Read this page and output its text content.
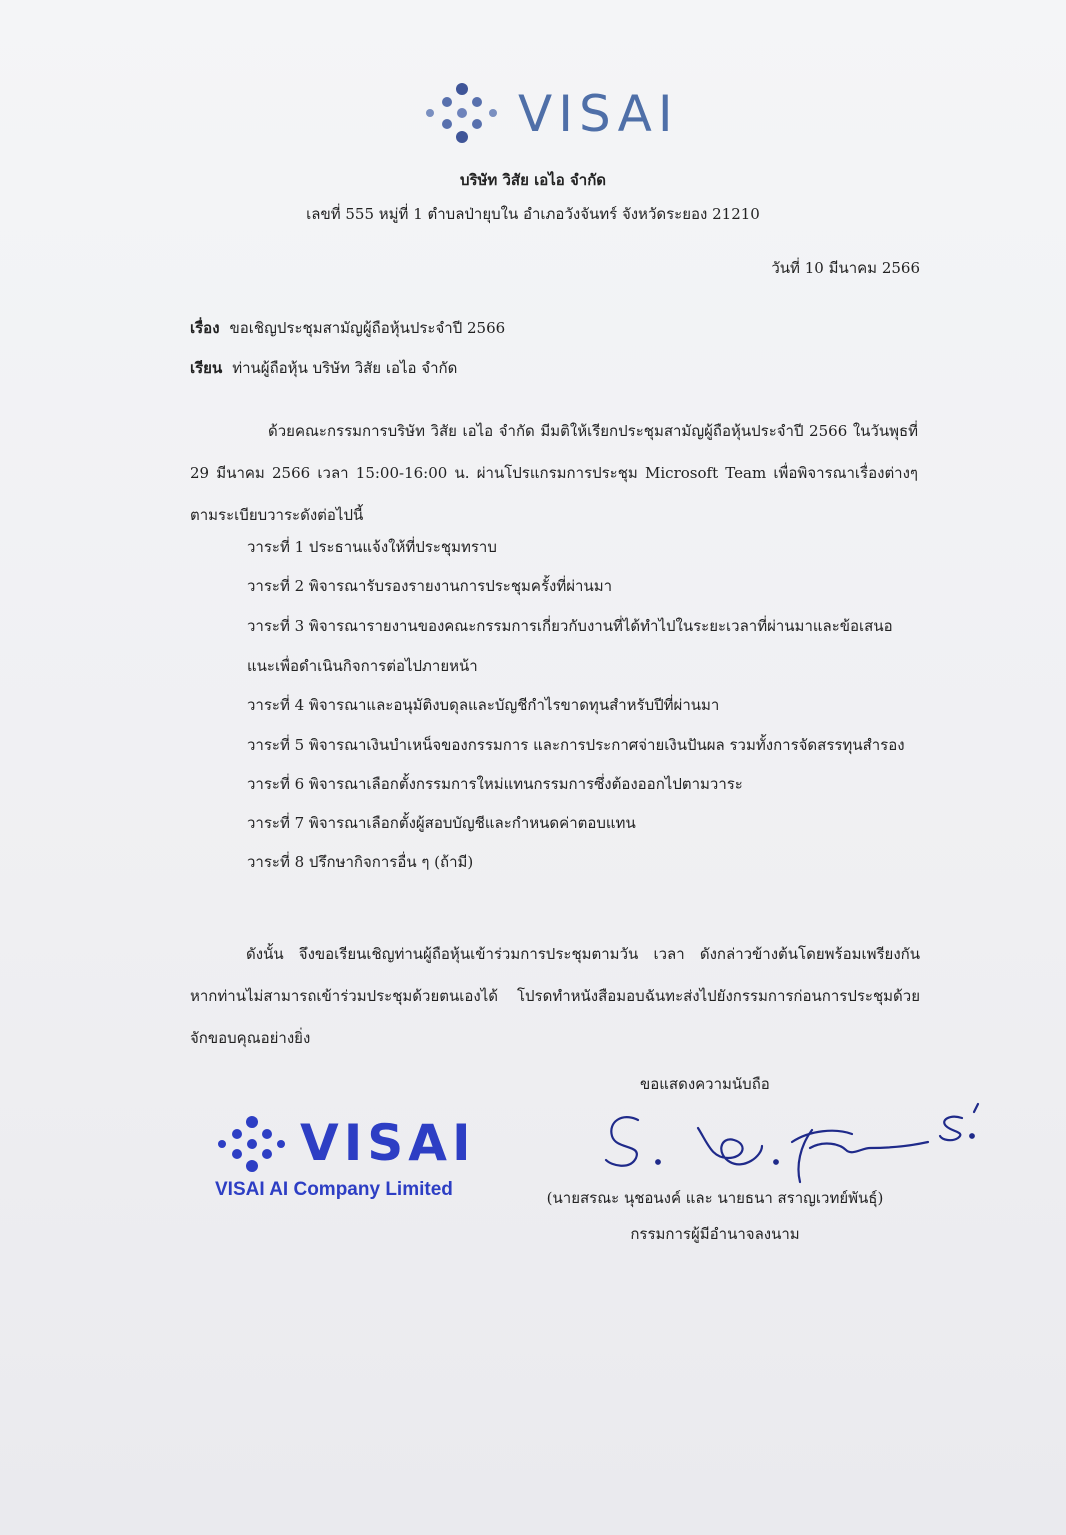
VISAI
บริษัท วิสัย เอไอ จำกัด
เลขที่ 555 หมู่ที่ 1 ตำบลป่ายุบใน อำเภอวังจันทร์ จังหวัดระยอง 21210
วันที่ 10 มีนาคม 2566
เรื่อง ขอเชิญประชุมสามัญผู้ถือหุ้นประจำปี 2566
เรียน ท่านผู้ถือหุ้น บริษัท วิสัย เอไอ จำกัด
ด้วยคณะกรรมการบริษัท วิสัย เอไอ จำกัด มีมติให้เรียกประชุมสามัญผู้ถือหุ้นประจำปี 2566 ในวันพุธที่ 29 มีนาคม 2566 เวลา 15:00-16:00 น. ผ่านโปรแกรมการประชุม Microsoft Team เพื่อพิจารณาเรื่องต่างๆ ตามระเบียบวาระดังต่อไปนี้

วาระที่ 1 ประธานแจ้งให้ที่ประชุมทราบ

วาระที่ 2 พิจารณารับรองรายงานการประชุมครั้งที่ผ่านมา

วาระที่ 3 พิจารณารายงานของคณะกรรมการเกี่ยวกับงานที่ได้ทำไปในระยะเวลาที่ผ่านมาและข้อเสนอแนะเพื่อดำเนินกิจการต่อไปภายหน้า

วาระที่ 4 พิจารณาและอนุมัติงบดุลและบัญชีกำไรขาดทุนสำหรับปีที่ผ่านมา

วาระที่ 5 พิจารณาเงินบำเหน็จของกรรมการ และการประกาศจ่ายเงินปันผล รวมทั้งการจัดสรรทุนสำรอง

วาระที่ 6 พิจารณาเลือกตั้งกรรมการใหม่แทนกรรมการซึ่งต้องออกไปตามวาระ

วาระที่ 7 พิจารณาเลือกตั้งผู้สอบบัญชีและกำหนดค่าตอบแทน

วาระที่ 8 ปรึกษากิจการอื่น ๆ (ถ้ามี)

ดังนั้น จึงขอเรียนเชิญท่านผู้ถือหุ้นเข้าร่วมการประชุมตามวัน เวลา ดังกล่าวข้างต้นโดยพร้อมเพรียงกัน หากท่านไม่สามารถเข้าร่วมประชุมด้วยตนเองได้ โปรดทำหนังสือมอบฉันทะส่งไปยังกรรมการก่อนการประชุมด้วย จักขอบคุณอย่างยิ่ง
ขอแสดงความนับถือ
VISAI
VISAI AI Company Limited	(นายสรณะ นุชอนงค์ และ นายธนา สราญเวทย์พันธุ์)
กรรมการผู้มีอำนาจลงนาม
